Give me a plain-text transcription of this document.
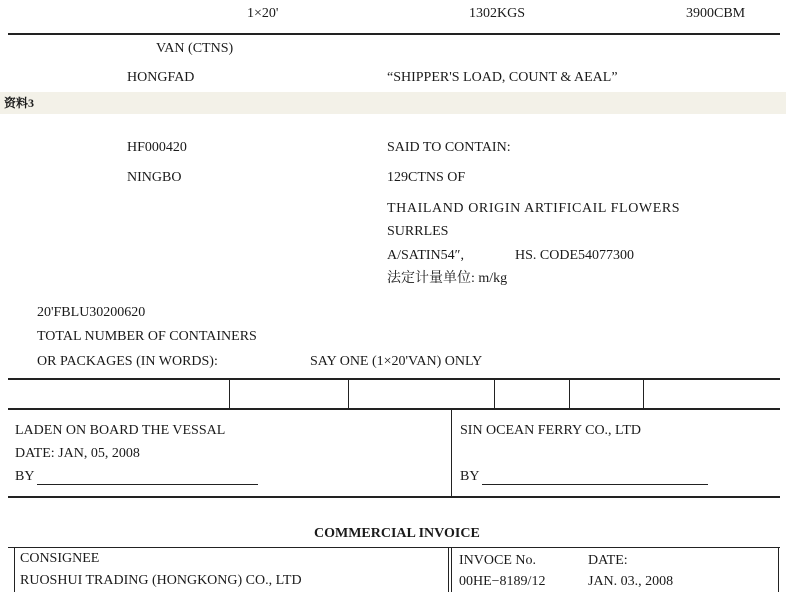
1×20'	1302KGS	3900CBM
VAN (CTNS)
HONGFAD	“SHIPPER'S LOAD, COUNT & AEAL”
资料3
HF000420
NINGBO
SAID TO CONTAIN:
129CTNS OF
THAILAND ORIGIN ARTIFICAIL FLOWERS
SURRLES
A/SATIN54″,	HS. CODE54077300
法定计量单位: m/kg
20'FBLU30200620
TOTAL NUMBER OF CONTAINERS
OR PACKAGES (IN WORDS):	SAY ONE (1×20'VAN) ONLY
LADEN ON BOARD THE VESSAL
DATE: JAN, 05, 2008
BY
SIN OCEAN FERRY CO., LTD
BY
COMMERCIAL INVOICE
CONSIGNEE
RUOSHUI TRADING (HONGKONG) CO., LTD
INVOCE No.	DATE:
00HE−8189/12	JAN. 03., 2008
